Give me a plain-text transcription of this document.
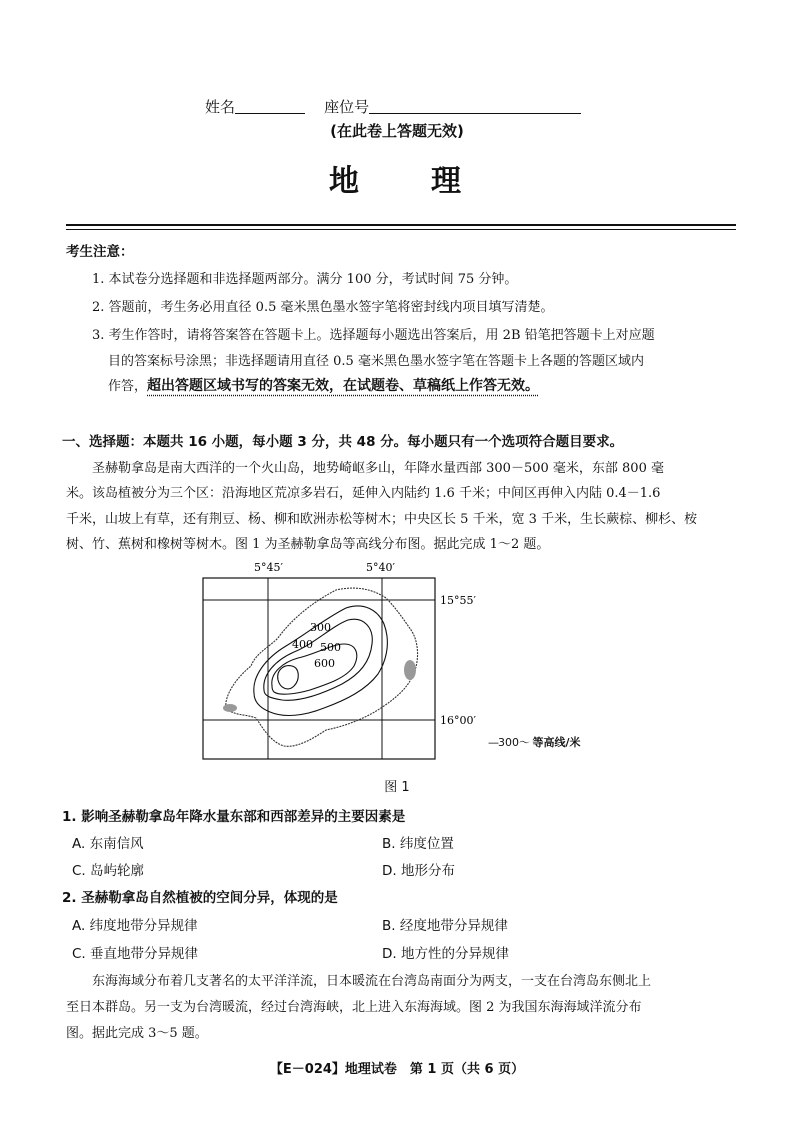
姓名	座位号
(在此卷上答题无效)
地　　理
考生注意：
1. 本试卷分选择题和非选择题两部分。满分 100 分，考试时间 75 分钟。
2. 答题前，考生务必用直径 0.5 毫米黑色墨水签字笔将密封线内项目填写清楚。
3. 考生作答时，请将答案答在答题卡上。选择题每小题选出答案后，用 2B 铅笔把答题卡上对应题
目的答案标号涂黑；非选择题请用直径 0.5 毫米黑色墨水签字笔在答题卡上各题的答题区域内
作答，超出答题区域书写的答案无效，在试题卷、草稿纸上作答无效。
一、选择题：本题共 16 小题，每小题 3 分，共 48 分。每小题只有一个选项符合题目要求。
圣赫勒拿岛是南大西洋的一个火山岛，地势崎岖多山，年降水量西部 300－500 毫米，东部 800 毫
米。该岛植被分为三个区：沿海地区荒凉多岩石，延伸入内陆约 1.6 千米；中间区再伸入内陆 0.4－1.6
千米，山坡上有草，还有荆豆、杨、柳和欧洲赤松等树木；中央区长 5 千米，宽 3 千米，生长蕨棕、柳杉、桉
树、竹、蕉树和橡树等树木。图 1 为圣赫勒拿岛等高线分布图。据此完成 1～2 题。
300
400 500
600
5°45′	5°40′
15°55′
16°00′
—300～ 等高线/米
图 1
1. 影响圣赫勒拿岛年降水量东部和西部差异的主要因素是
A. 东南信风	B. 纬度位置
C. 岛屿轮廓	D. 地形分布
2. 圣赫勒拿岛自然植被的空间分异，体现的是
A. 纬度地带分异规律	B. 经度地带分异规律
C. 垂直地带分异规律	D. 地方性的分异规律
东海海域分布着几支著名的太平洋洋流，日本暖流在台湾岛南面分为两支，一支在台湾岛东侧北上
至日本群岛。另一支为台湾暖流，经过台湾海峡，北上进入东海海域。图 2 为我国东海海域洋流分布
图。据此完成 3～5 题。
【E－024】地理试卷　第 1 页（共 6 页）
